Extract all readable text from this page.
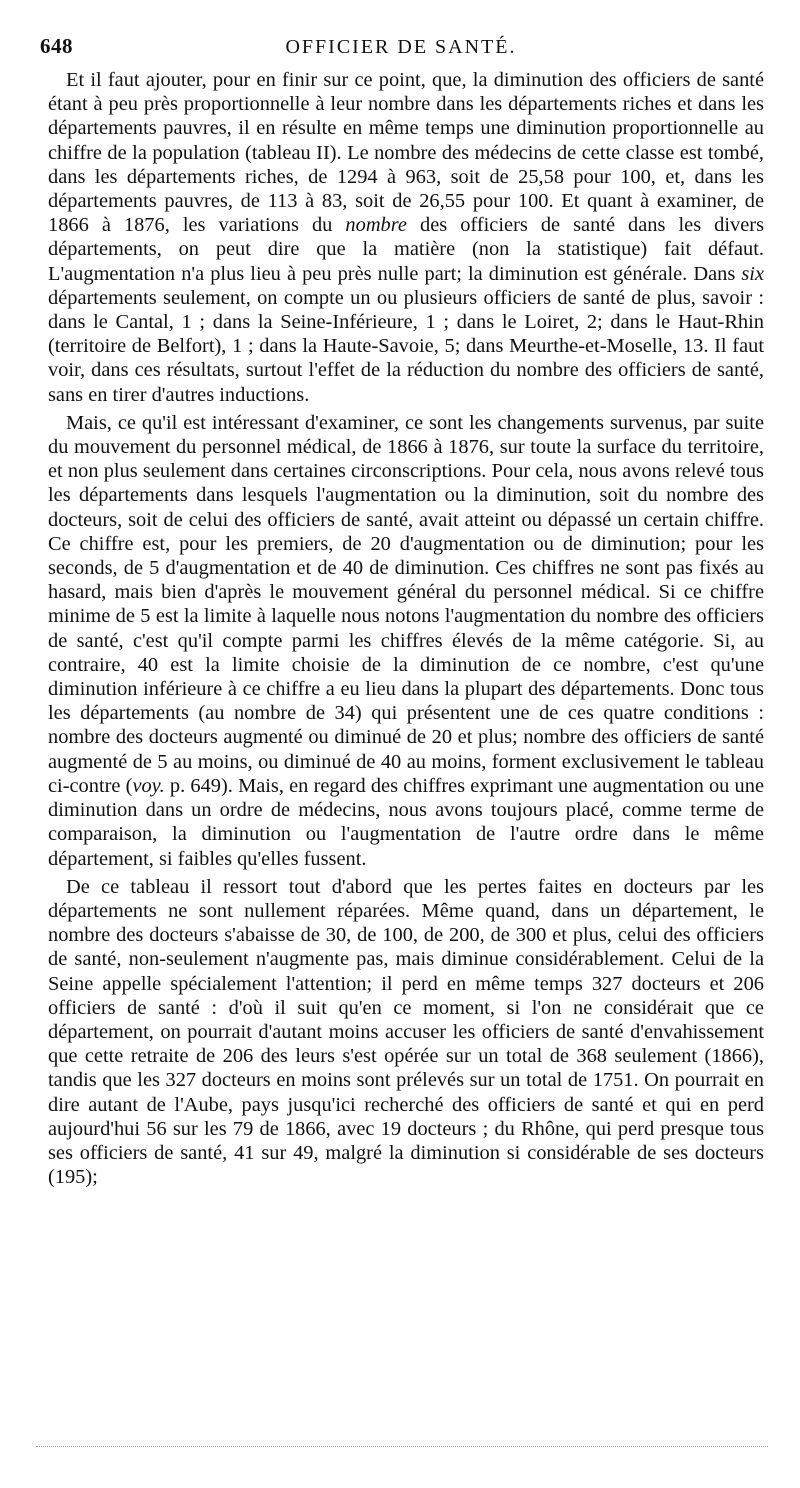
648	OFFICIER DE SANTÉ.

Et il faut ajouter, pour en finir sur ce point, que, la diminution des officiers de santé étant à peu près proportionnelle à leur nombre dans les départements riches et dans les départements pauvres, il en résulte en même temps une diminution proportionnelle au chiffre de la population (tableau II). Le nombre des médecins de cette classe est tombé, dans les départements riches, de 1294 à 963, soit de 25,58 pour 100, et, dans les départements pauvres, de 113 à 83, soit de 26,55 pour 100. Et quant à examiner, de 1866 à 1876, les variations du nombre des officiers de santé dans les divers départements, on peut dire que la matière (non la statistique) fait défaut. L'augmentation n'a plus lieu à peu près nulle part; la diminution est générale. Dans six départements seulement, on compte un ou plusieurs officiers de santé de plus, savoir : dans le Cantal, 1 ; dans la Seine-Inférieure, 1 ; dans le Loiret, 2; dans le Haut-Rhin (territoire de Belfort), 1 ; dans la Haute-Savoie, 5; dans Meurthe-et-Moselle, 13. Il faut voir, dans ces résultats, surtout l'effet de la réduction du nombre des officiers de santé, sans en tirer d'autres inductions.

Mais, ce qu'il est intéressant d'examiner, ce sont les changements survenus, par suite du mouvement du personnel médical, de 1866 à 1876, sur toute la surface du territoire, et non plus seulement dans certaines circonscriptions. Pour cela, nous avons relevé tous les départements dans lesquels l'augmentation ou la diminution, soit du nombre des docteurs, soit de celui des officiers de santé, avait atteint ou dépassé un certain chiffre. Ce chiffre est, pour les premiers, de 20 d'augmentation ou de diminution; pour les seconds, de 5 d'augmentation et de 40 de diminution. Ces chiffres ne sont pas fixés au hasard, mais bien d'après le mouvement général du personnel médical. Si ce chiffre minime de 5 est la limite à laquelle nous notons l'augmentation du nombre des officiers de santé, c'est qu'il compte parmi les chiffres élevés de la même catégorie. Si, au contraire, 40 est la limite choisie de la diminution de ce nombre, c'est qu'une diminution inférieure à ce chiffre a eu lieu dans la plupart des départements. Donc tous les départements (au nombre de 34) qui présentent une de ces quatre conditions : nombre des docteurs augmenté ou diminué de 20 et plus; nombre des officiers de santé augmenté de 5 au moins, ou diminué de 40 au moins, forment exclusivement le tableau ci-contre (voy. p. 649). Mais, en regard des chiffres exprimant une augmentation ou une diminution dans un ordre de médecins, nous avons toujours placé, comme terme de comparaison, la diminution ou l'augmentation de l'autre ordre dans le même département, si faibles qu'elles fussent.

De ce tableau il ressort tout d'abord que les pertes faites en docteurs par les départements ne sont nullement réparées. Même quand, dans un département, le nombre des docteurs s'abaisse de 30, de 100, de 200, de 300 et plus, celui des officiers de santé, non-seulement n'augmente pas, mais diminue considérablement. Celui de la Seine appelle spécialement l'attention; il perd en même temps 327 docteurs et 206 officiers de santé : d'où il suit qu'en ce moment, si l'on ne considérait que ce département, on pourrait d'autant moins accuser les officiers de santé d'envahissement que cette retraite de 206 des leurs s'est opérée sur un total de 368 seulement (1866), tandis que les 327 docteurs en moins sont prélevés sur un total de 1751. On pourrait en dire autant de l'Aube, pays jusqu'ici recherché des officiers de santé et qui en perd aujourd'hui 56 sur les 79 de 1866, avec 19 docteurs ; du Rhône, qui perd presque tous ses officiers de santé, 41 sur 49, malgré la diminution si considérable de ses docteurs (195);
